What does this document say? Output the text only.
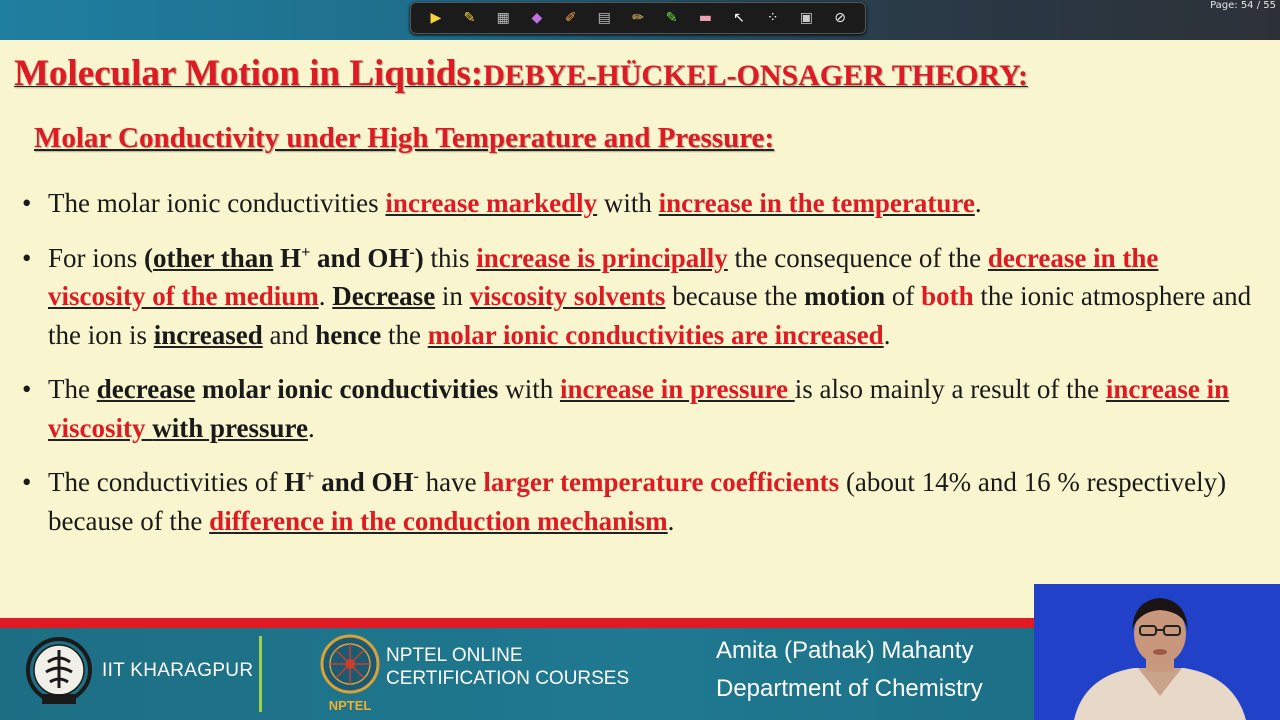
▶	✎ ▦	◆	✐ ▤ ✏ ✎ ▬ ↖ ⁘ ▣ ⊘
Page: 54 / 55
Molecular Motion in Liquids:DEBYE-HÜCKEL-ONSAGER THEORY:
Molar Conductivity under High Temperature and Pressure:
• The molar ionic conductivities increase markedly with increase in the temperature.
• For ions (other than H+ and OH-) this increase is principally the consequence of the decrease in the viscosity of the medium. Decrease in viscosity solvents because the motion of both the ionic atmosphere and the ion is increased and hence the molar ionic conductivities are increased.
• The decrease molar ionic conductivities with increase in pressure is also mainly a result of the increase in viscosity with pressure.
• The conductivities of H+ and OH- have larger temperature coefficients (about 14% and 16 % respectively) because of the difference in the conduction mechanism.
IIT KHARAGPUR
NPTEL
NPTEL ONLINE
CERTIFICATION COURSES
Amita (Pathak) Mahanty
Department of Chemistry
